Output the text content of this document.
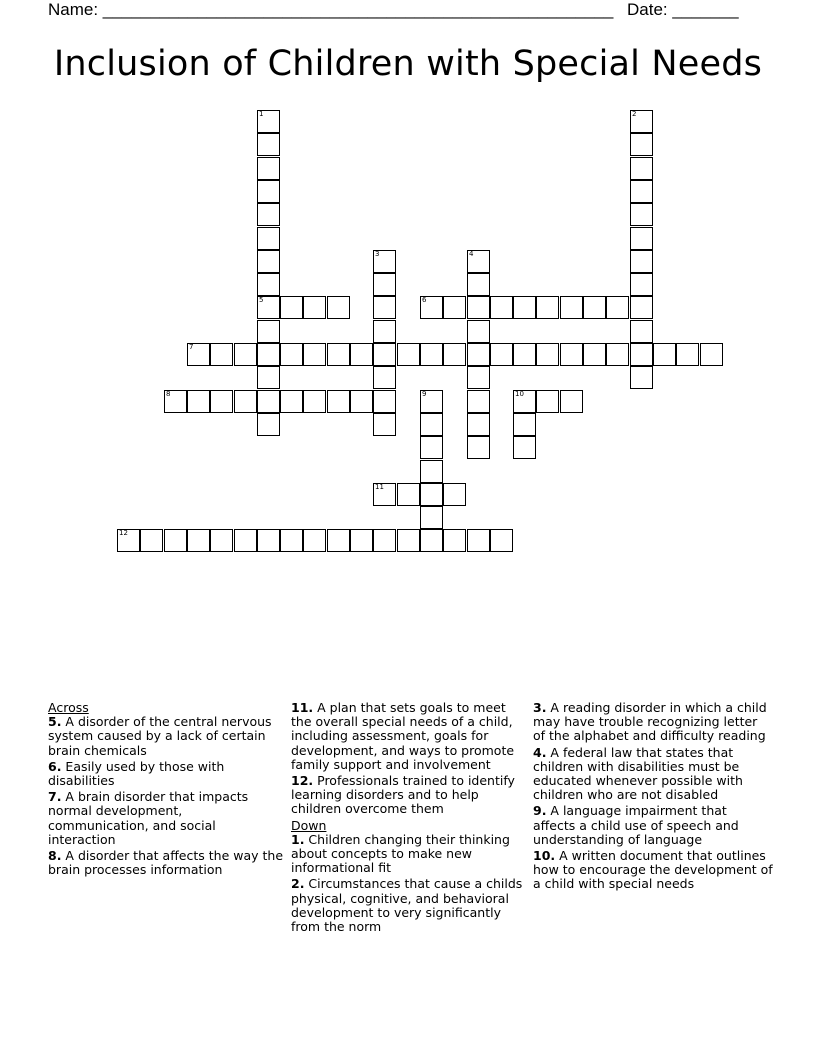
Name: ______________________________________________________ Date: _______
Inclusion of Children with Special Needs
1
5
2
3	4
6
7
8	9	10
11
12
Across
5. A disorder of the central nervous system caused by a lack of certain brain chemicals
6. Easily used by those with disabilities
7. A brain disorder that impacts normal development, communication, and social interaction
8. A disorder that affects the way the brain processes information
11. A plan that sets goals to meet the overall special needs of a child, including assessment, goals for development, and ways to promote family support and involvement
12. Professionals trained to identify learning disorders and to help children overcome them
Down
1. Children changing their thinking about concepts to make new informational fit
2. Circumstances that cause a childs physical, cognitive, and behavioral development to very significantly from the norm
3. A reading disorder in which a child may have trouble recognizing letter of the alphabet and difficulty reading
4. A federal law that states that children with disabilities must be educated whenever possible with children who are not disabled
9. A language impairment that affects a child use of speech and understanding of language
10. A written document that outlines how to encourage the development of a child with special needs
